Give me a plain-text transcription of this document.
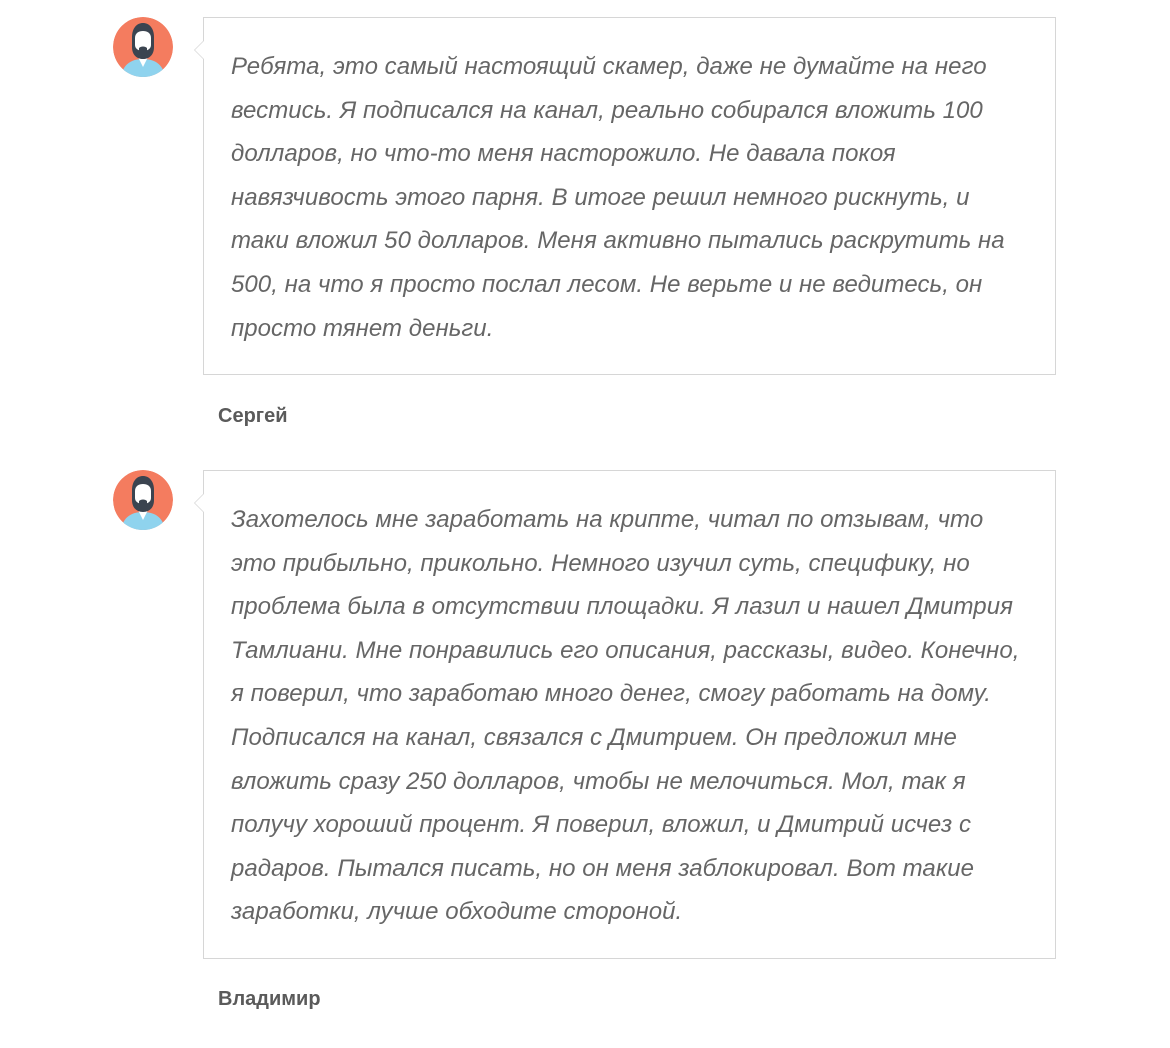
Ребята, это самый настоящий скамер, даже не думайте на него вестись. Я подписался на канал, реально собирался вложить 100 долларов, но что-то меня насторожило. Не давала покоя навязчивость этого парня. В итоге решил немного рискнуть, и таки вложил 50 долларов. Меня активно пытались раскрутить на 500, на что я просто послал лесом. Не верьте и не ведитесь, он просто тянет деньги.

Сергей

Захотелось мне заработать на крипте, читал по отзывам, что это прибыльно, прикольно. Немного изучил суть, специфику, но проблема была в отсутствии площадки. Я лазил и нашел Дмитрия Тамлиани. Мне понравились его описания, рассказы, видео. Конечно, я поверил, что заработаю много денег, смогу работать на дому. Подписался на канал, связался с Дмитрием. Он предложил мне вложить сразу 250 долларов, чтобы не мелочиться. Мол, так я получу хороший процент. Я поверил, вложил, и Дмитрий исчез с радаров. Пытался писать, но он меня заблокировал. Вот такие заработки, лучше обходите стороной.

Владимир
